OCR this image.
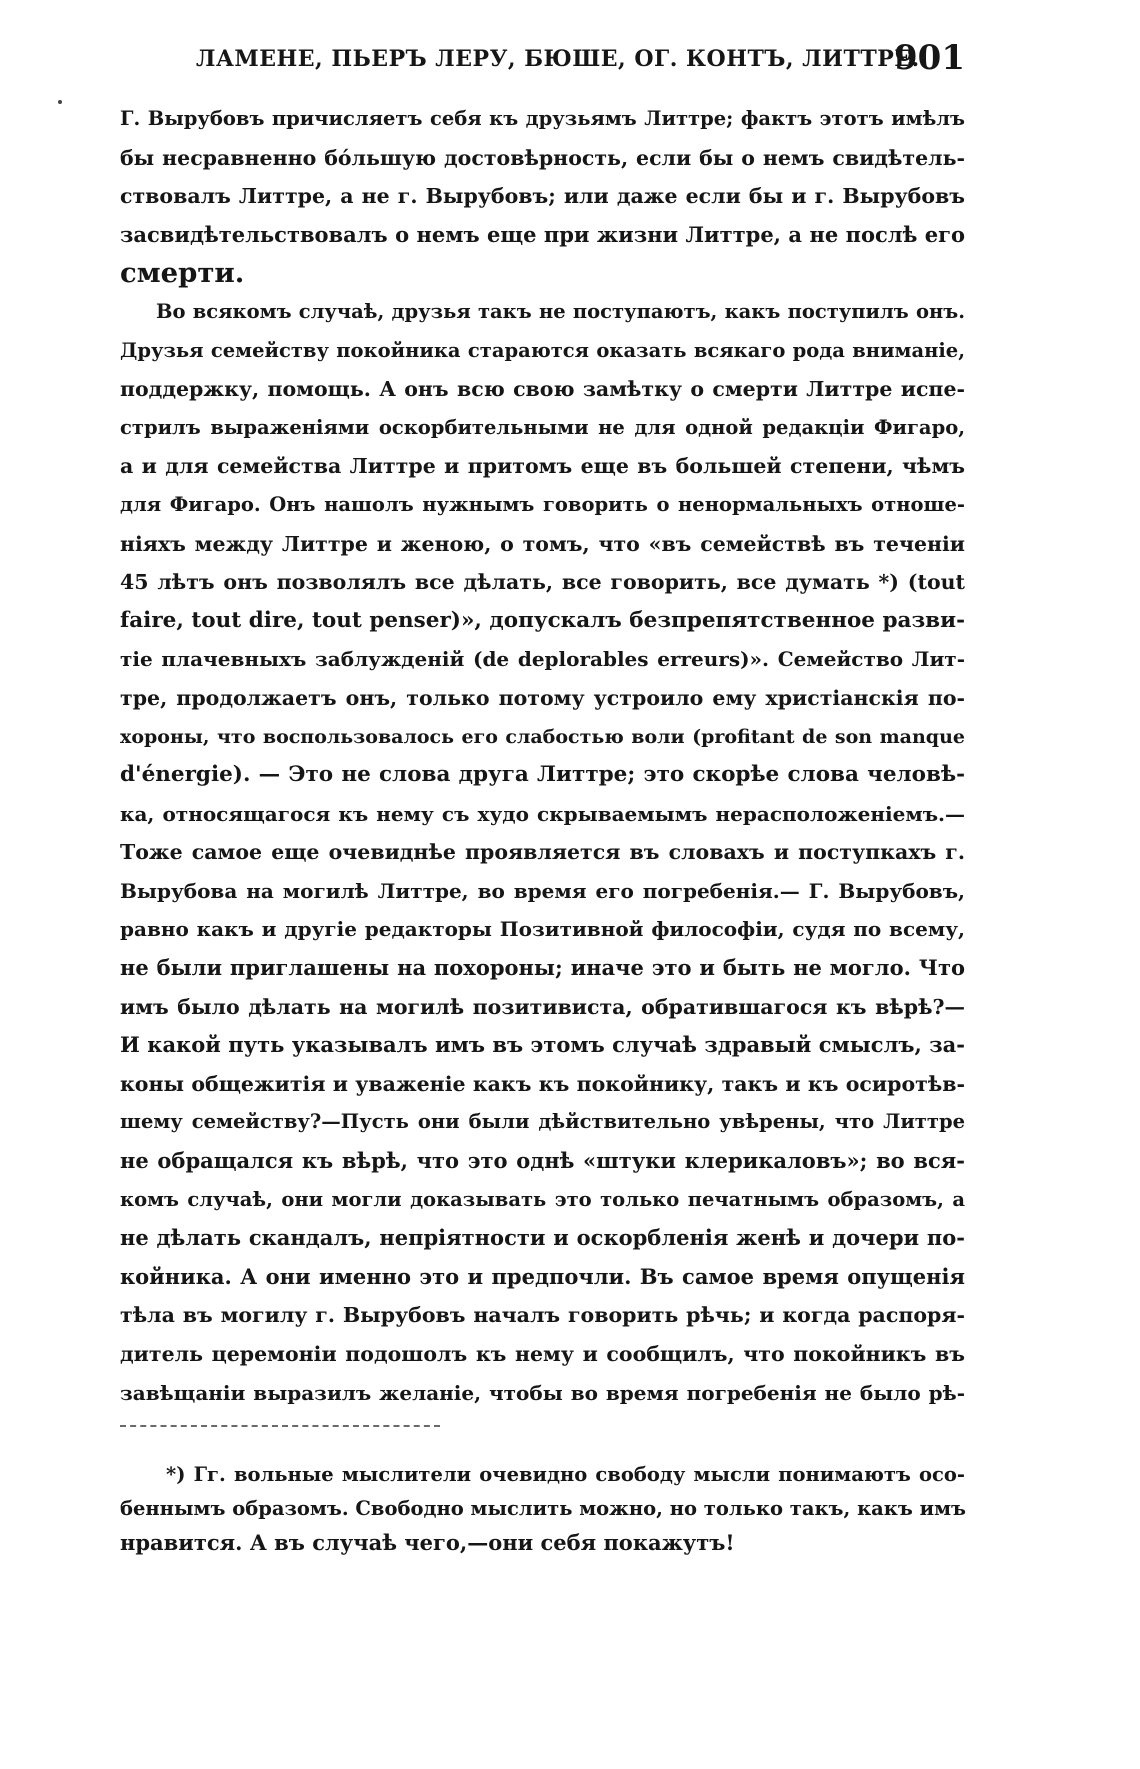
ЛАМЕНЕ, ПЬЕРЪ ЛЕРУ, БЮШЕ, ОГ. КОНТЪ, ЛИТТРЕ.
901
Г. Вырубовъ причисляетъ себя къ друзьямъ Литтре; фактъ этотъ имѣлъ
бы несравненно бо́льшую достовѣрность, если бы о немъ свидѣтель-
ствовалъ Литтре, а не г. Вырубовъ; или даже если бы и г. Вырубовъ
засвидѣтельствовалъ о немъ еще при жизни Литтре, а не послѣ его
смерти.
Во всякомъ случаѣ, друзья такъ не поступаютъ, какъ поступилъ онъ.
Друзья семейству покойника стараются оказать всякаго рода вниманіе,
поддержку, помощь. А онъ всю свою замѣтку о смерти Литтре испе-
стрилъ выраженіями оскорбительными не для одной редакціи Фигаро,
а и для семейства Литтре и притомъ еще въ большей степени, чѣмъ
для Фигаро. Онъ нашолъ нужнымъ говорить о ненормальныхъ отноше-
ніяхъ между Литтре и женою, о томъ, что «въ семействѣ въ теченіи
45 лѣтъ онъ позволялъ все дѣлать, все говорить, все думать *) (tout
faire, tout dire, tout penser)», допускалъ безпрепятственное разви-
тіе плачевныхъ заблужденій (de deplorables erreurs)». Семейство Лит-
тре, продолжаетъ онъ, только потому устроило ему христіанскія по-
хороны, что воспользовалось его слабостью воли (profitant de son manque
d'énergie). — Это не слова друга Литтре; это скорѣе слова человѣ-
ка, относящагося къ нему съ худо скрываемымъ нерасположеніемъ.—
Тоже самое еще очевиднѣе проявляется въ словахъ и поступкахъ г.
Вырубова на могилѣ Литтре, во время его погребенія.— Г. Вырубовъ,
равно какъ и другіе редакторы Позитивной философіи, судя по всему,
не были приглашены на похороны; иначе это и быть не могло. Что
имъ было дѣлать на могилѣ позитивиста, обратившагося къ вѣрѣ?—
И какой путь указывалъ имъ въ этомъ случаѣ здравый смыслъ, за-
коны общежитія и уваженіе какъ къ покойнику, такъ и къ осиротѣв-
шему семейству?—Пусть они были дѣйствительно увѣрены, что Литтре
не обращался къ вѣрѣ, что это однѣ «штуки клерикаловъ»; во вся-
комъ случаѣ, они могли доказывать это только печатнымъ образомъ, а
не дѣлать скандалъ, непріятности и оскорбленія женѣ и дочери по-
койника. А они именно это и предпочли. Въ самое время опущенія
тѣла въ могилу г. Вырубовъ началъ говорить рѣчь; и когда распоря-
дитель церемоніи подошолъ къ нему и сообщилъ, что покойникъ въ
завѣщаніи выразилъ желаніе, чтобы во время погребенія не было рѣ-
*) Гг. вольные мыслители очевидно свободу мысли понимаютъ осо-
беннымъ образомъ. Свободно мыслить можно, но только такъ, какъ имъ
нравится. А въ случаѣ чего,—они себя покажутъ!
